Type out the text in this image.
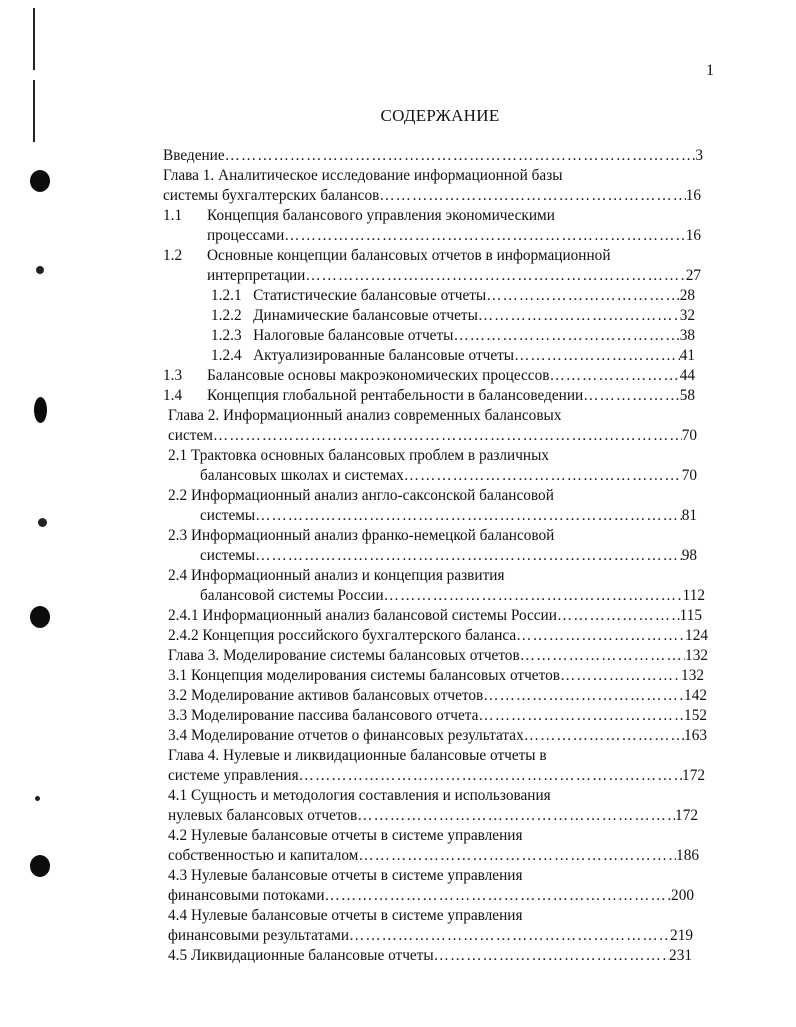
1
СОДЕРЖАНИЕ
Введение …………………………………………………………………………………………………………………………………………………………	3
Глава 1. Аналитическое исследование информационной базы
системы бухгалтерских балансов …………………………………………………………………………………………………………………………………………………………	16
1.1 Концепция балансового управления экономическими
процессами …………………………………………………………………………………………………………………………………………………………	16
1.2 Основные концепции балансовых отчетов в информационной
интерпретации …………………………………………………………………………………………………………………………………………………………	27
1.2.1 Статистические балансовые отчеты …………………………………………………………………………………………………………………………………………………………	28
1.2.2 Динамические балансовые отчеты …………………………………………………………………………………………………………………………………………………………	32
1.2.3 Налоговые балансовые отчеты …………………………………………………………………………………………………………………………………………………………	38
1.2.4 Актуализированные балансовые отчеты …………………………………………………………………………………………………………………………………………………………	41
1.3 Балансовые основы макроэкономических процессов …………………………………………………………………………………………………………………………………………………………	44
1.4 Концепция глобальной рентабельности в балансоведении …………………………………………………………………………………………………………………………………………………………	58
Глава 2. Информационный анализ современных балансовых
систем …………………………………………………………………………………………………………………………………………………………	70
2.1 Трактовка основных балансовых проблем в различных
балансовых школах и системах …………………………………………………………………………………………………………………………………………………………	70
2.2 Информационный анализ англо-саксонской балансовой
системы …………………………………………………………………………………………………………………………………………………………	81
2.3 Информационный анализ франко-немецкой балансовой
системы …………………………………………………………………………………………………………………………………………………………	98
2.4 Информационный анализ и концепция развития
балансовой системы России …………………………………………………………………………………………………………………………………………………………	112
2.4.1 Информационный анализ балансовой системы России …………………………………………………………………………………………………………………………………………………………	115
2.4.2 Концепция российского бухгалтерского баланса …………………………………………………………………………………………………………………………………………………………	124
Глава 3. Моделирование системы балансовых отчетов …………………………………………………………………………………………………………………………………………………………	132
3.1 Концепция моделирования системы балансовых отчетов …………………………………………………………………………………………………………………………………………………………	132
3.2 Моделирование активов балансовых отчетов …………………………………………………………………………………………………………………………………………………………	142
3.3 Моделирование пассива балансового отчета …………………………………………………………………………………………………………………………………………………………	152
3.4 Моделирование отчетов о финансовых результатах …………………………………………………………………………………………………………………………………………………………	163
Глава 4. Нулевые и ликвидационные балансовые отчеты в
системе управления …………………………………………………………………………………………………………………………………………………………	172
4.1 Сущность и методология составления и использования
нулевых балансовых отчетов …………………………………………………………………………………………………………………………………………………………	172
4.2 Нулевые балансовые отчеты в системе управления
собственностью и капиталом …………………………………………………………………………………………………………………………………………………………	186
4.3 Нулевые балансовые отчеты в системе управления
финансовыми потоками …………………………………………………………………………………………………………………………………………………………	200
4.4 Нулевые балансовые отчеты в системе управления
финансовыми результатами …………………………………………………………………………………………………………………………………………………………	219
4.5 Ликвидационные балансовые отчеты …………………………………………………………………………………………………………………………………………………………	231
